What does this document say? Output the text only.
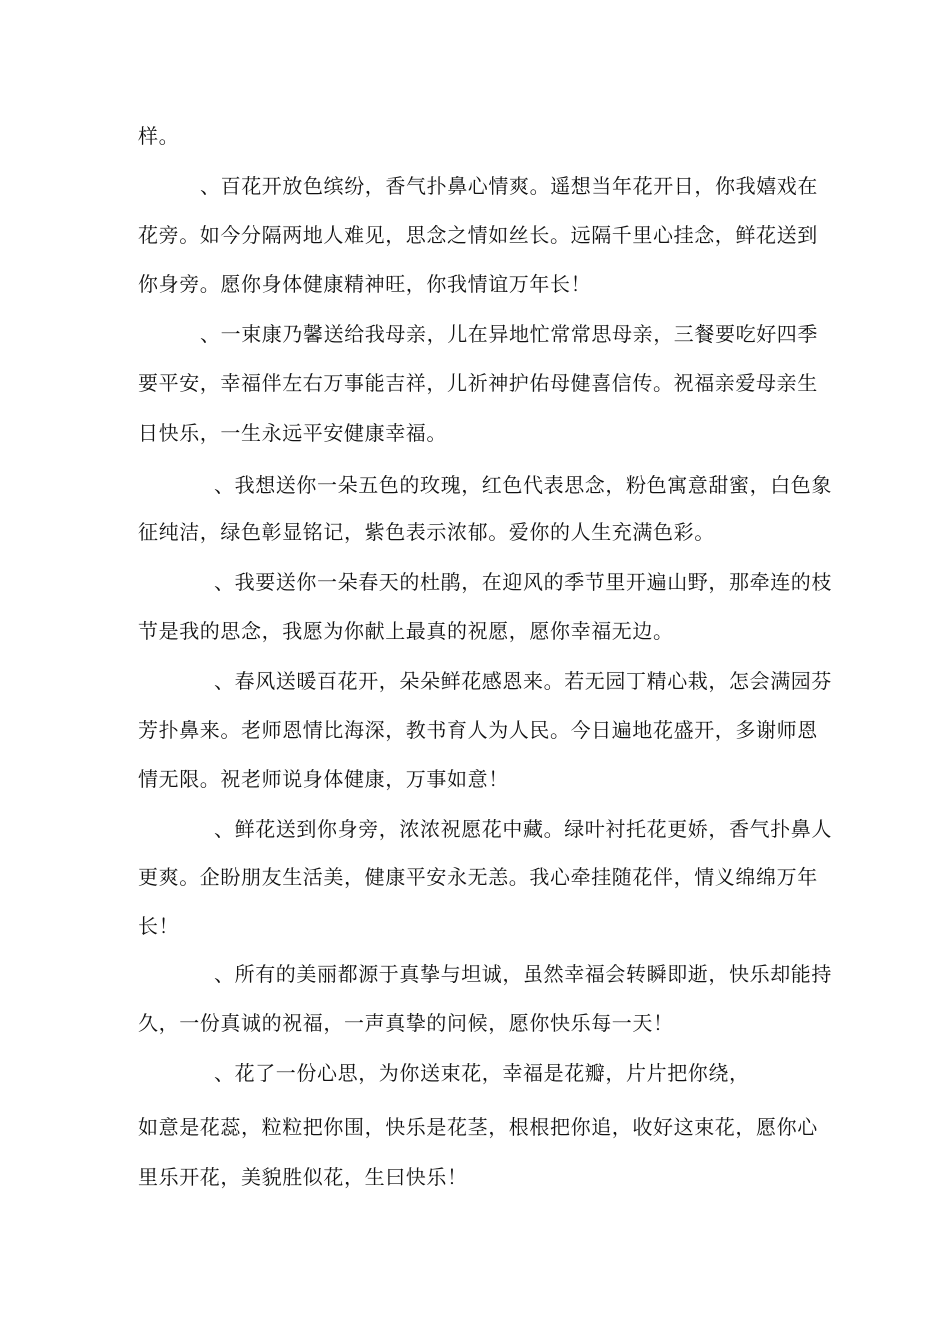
样。
、百花开放色缤纷，香气扑鼻心情爽。遥想当年花开日，你我嬉戏在
花旁。如今分隔两地人难见，思念之情如丝长。远隔千里心挂念，鲜花送到
你身旁。愿你身体健康精神旺，你我情谊万年长！
、一束康乃馨送给我母亲，儿在异地忙常常思母亲，三餐要吃好四季
要平安，幸福伴左右万事能吉祥，儿祈神护佑母健喜信传。祝福亲爱母亲生
日快乐，一生永远平安健康幸福。
、我想送你一朵五色的玫瑰，红色代表思念，粉色寓意甜蜜，白色象
征纯洁，绿色彰显铭记，紫色表示浓郁。爱你的人生充满色彩。
、我要送你一朵春天的杜鹃，在迎风的季节里开遍山野，那牵连的枝
节是我的思念，我愿为你献上最真的祝愿，愿你幸福无边。
、春风送暖百花开，朵朵鲜花感恩来。若无园丁精心栽，怎会满园芬
芳扑鼻来。老师恩情比海深，教书育人为人民。今日遍地花盛开，多谢师恩
情无限。祝老师说身体健康，万事如意！
、鲜花送到你身旁，浓浓祝愿花中藏。绿叶衬托花更娇，香气扑鼻人
更爽。企盼朋友生活美，健康平安永无恙。我心牵挂随花伴，情义绵绵万年
长！
、所有的美丽都源于真挚与坦诚，虽然幸福会转瞬即逝，快乐却能持
久，一份真诚的祝福，一声真挚的问候，愿你快乐每一天！
、花了一份心思，为你送束花，幸福是花瓣，片片把你绕，
如意是花蕊，粒粒把你围，快乐是花茎，根根把你追，收好这束花，愿你心
里乐开花，美貌胜似花，生曰快乐！
